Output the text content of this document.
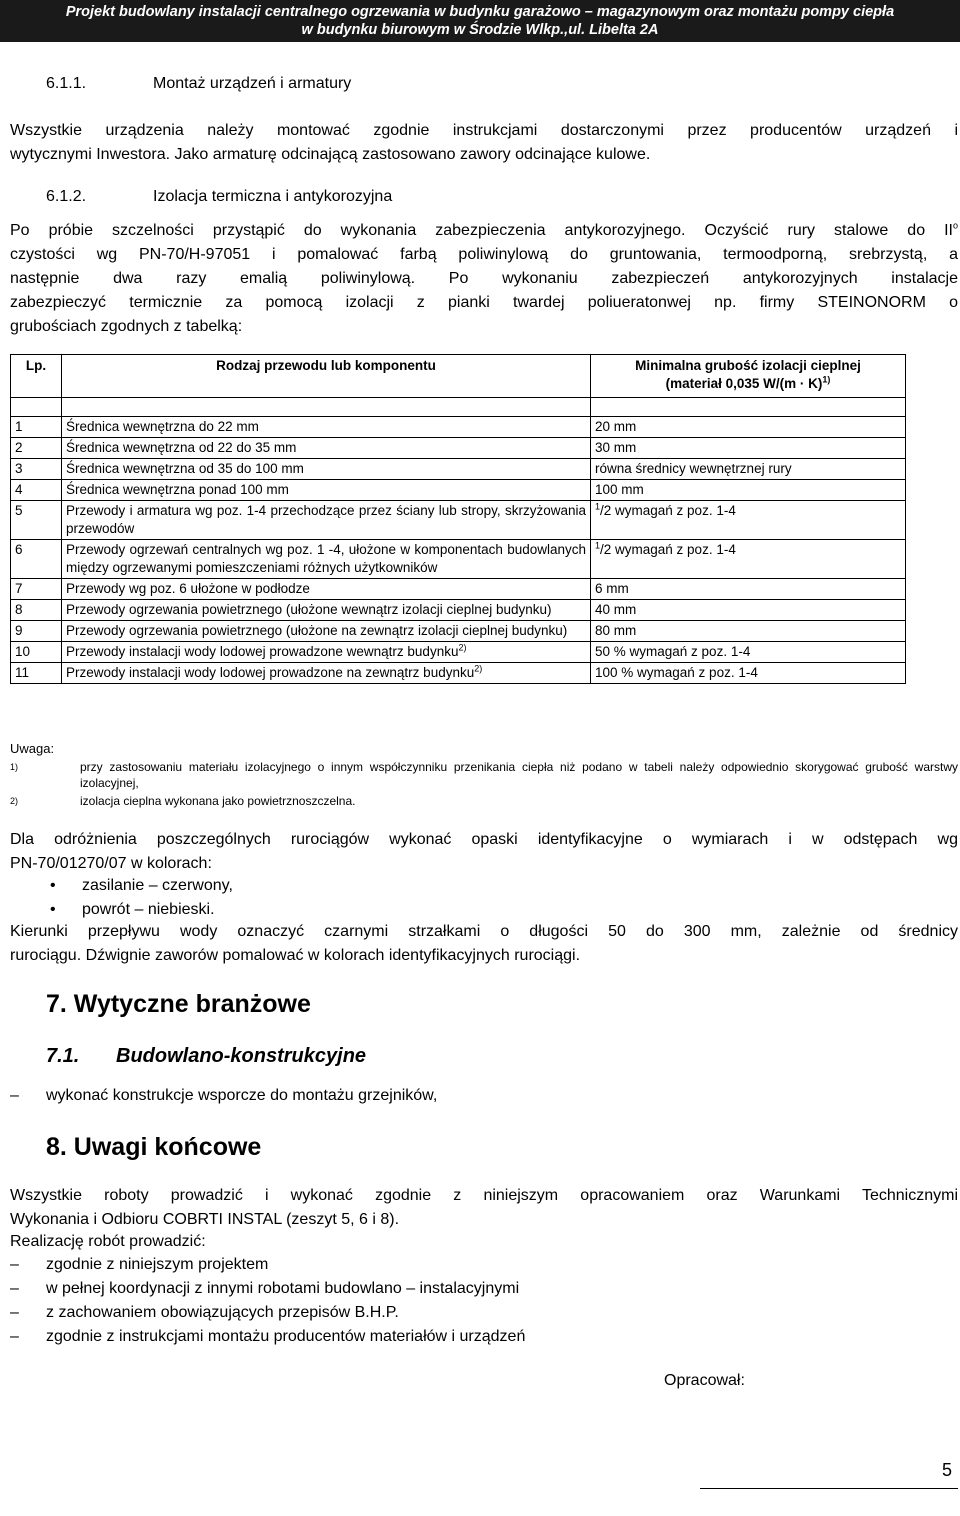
Projekt budowlany instalacji centralnego ogrzewania w budynku garażowo – magazynowym oraz montażu pompy ciepła
w budynku biurowym w Środzie Wlkp.,ul. Libelta 2A
6.1.1.	Montaż urządzeń i armatury
Wszystkie urządzenia należy montować zgodnie instrukcjami dostarczonymi przez producentów urządzeń i
wytycznymi Inwestora. Jako armaturę odcinającą zastosowano zawory odcinające kulowe.
6.1.2.	Izolacja termiczna i antykorozyjna
Po próbie szczelności przystąpić do wykonania zabezpieczenia antykorozyjnego. Oczyścić rury stalowe do $II^o$
czystości wg PN-70/H-97051 i pomalować farbą poliwinylową do gruntowania, termoodporną, srebrzystą, a
następnie dwa razy emalią poliwinylową. Po wykonaniu zabezpieczeń antykorozyjnych instalacje
zabezpieczyć termicznie za pomocą izolacji z pianki twardej poliueratonwej np. firmy STEINONORM o
grubościach zgodnych z tabelką:
Lp.	Rodzaj przewodu lub komponentu	Minimalna grubość izolacji cieplnej
(materiał 0,035 $W/(m \cdot K)^{1)}$

1	Średnica wewnętrzna do 22 mm	20 mm
2	Średnica wewnętrzna od 22 do 35 mm	30 mm
3	Średnica wewnętrzna od 35 do 100 mm	równa średnicy wewnętrznej rury
4	Średnica wewnętrzna ponad 100 mm	100 mm
5	Przewody i armatura wg poz. 1-4 przechodzące przez ściany lub stropy, skrzyżowania przewodów	$^1$/2 wymagań z poz. 1-4
6	Przewody ogrzewań centralnych wg poz. 1 -4, ułożone w komponentach budowlanych między ogrzewanymi pomieszczeniami różnych użytkowników	$^1$/2 wymagań z poz. 1-4
7	Przewody wg poz. 6 ułożone w podłodze	6 mm
8	Przewody ogrzewania powietrznego (ułożone wewnątrz izolacji cieplnej budynku)	40 mm
9	Przewody ogrzewania powietrznego (ułożone na zewnątrz izolacji cieplnej budynku)	80 mm
10	Przewody instalacji wody lodowej prowadzone wewnątrz budynku$^{2)}$	50 % wymagań z poz. 1-4
11	Przewody instalacji wody lodowej prowadzone na zewnątrz budynku$^{2)}$	100 % wymagań z poz. 1-4
Uwaga:
1)	przy zastosowaniu materiału izolacyjnego o innym współczynniku przenikania ciepła niż podano w tabeli należy odpowiednio skorygować grubość warstwy izolacyjnej,
2)	izolacja cieplna wykonana jako powietrznoszczelna.
Dla odróżnienia poszczególnych rurociągów wykonać opaski identyfikacyjne o wymiarach i w odstępach wg
PN-70/01270/07 w kolorach:
• zasilanie – czerwony,
• powrót – niebieski.
Kierunki przepływu wody oznaczyć czarnymi strzałkami o długości 50 do 300 mm, zależnie od średnicy
rurociągu. Dźwignie zaworów pomalować w kolorach identyfikacyjnych rurociągi.
7. Wytyczne branżowe
7.1. Budowlano-konstrukcyjne
– wykonać konstrukcje wsporcze do montażu grzejników,
8. Uwagi końcowe
Wszystkie roboty prowadzić i wykonać zgodnie z niniejszym opracowaniem oraz Warunkami Technicznymi
Wykonania i Odbioru COBRTI INSTAL (zeszyt 5, 6 i 8).
Realizację robót prowadzić:
– zgodnie z niniejszym projektem
– w pełnej koordynacji z innymi robotami budowlano – instalacyjnymi
– z zachowaniem obowiązujących przepisów B.H.P.
– zgodnie z instrukcjami montażu producentów materiałów i urządzeń
Opracował:
5
